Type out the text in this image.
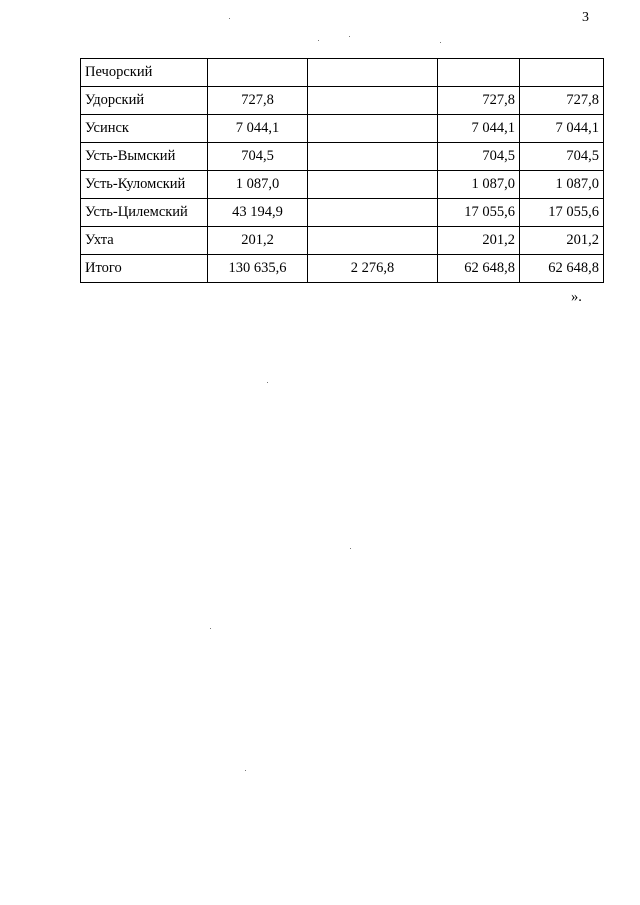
3
Печорский				
Удорский	727,8		727,8	727,8
Усинск	7 044,1		7 044,1	7 044,1
Усть-Вымский	704,5		704,5	704,5
Усть-Куломский	1 087,0		1 087,0	1 087,0
Усть-Цилемский	43 194,9		17 055,6	17 055,6
Ухта	201,2		201,2	201,2
Итого	130 635,6	2 276,8	62 648,8	62 648,8
».
